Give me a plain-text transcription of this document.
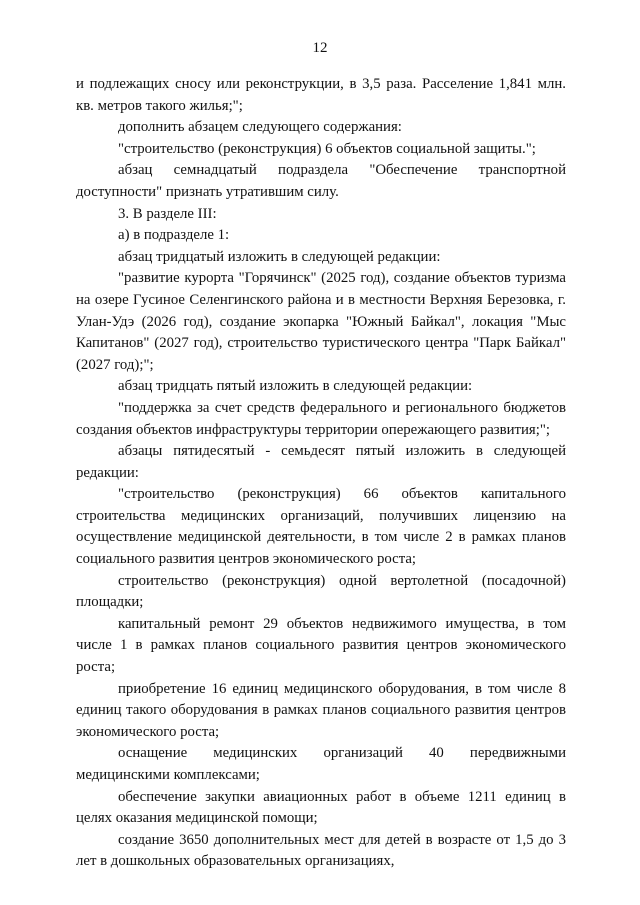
12

и подлежащих сносу или реконструкции, в 3,5 раза. Расселение 1,841 млн. кв. метров такого жилья;";

дополнить абзацем следующего содержания:

"строительство (реконструкция) 6 объектов социальной защиты.";

абзац семнадцатый подраздела "Обеспечение транспортной доступности" признать утратившим силу.

3. В разделе III:

а) в подразделе 1:

абзац тридцатый изложить в следующей редакции:

"развитие курорта "Горячинск" (2025 год), создание объектов туризма на озере Гусиное Селенгинского района и в местности Верхняя Березовка, г. Улан-Удэ (2026 год), создание экопарка "Южный Байкал", локация "Мыс Капитанов" (2027 год), строительство туристического центра "Парк Байкал" (2027 год);";

абзац тридцать пятый изложить в следующей редакции:

"поддержка за счет средств федерального и регионального бюджетов создания объектов инфраструктуры территории опережающего развития;";

абзацы пятидесятый - семьдесят пятый изложить в следующей редакции:

"строительство (реконструкция) 66 объектов капитального строительства медицинских организаций, получивших лицензию на осуществление медицинской деятельности, в том числе 2 в рамках планов социального развития центров экономического роста;

строительство (реконструкция) одной вертолетной (посадочной) площадки;

капитальный ремонт 29 объектов недвижимого имущества, в том числе 1 в рамках планов социального развития центров экономического роста;

приобретение 16 единиц медицинского оборудования, в том числе 8 единиц такого оборудования в рамках планов социального развития центров экономического роста;

оснащение медицинских организаций 40 передвижными медицинскими комплексами;

обеспечение закупки авиационных работ в объеме 1211 единиц в целях оказания медицинской помощи;

создание 3650 дополнительных мест для детей в возрасте от 1,5 до 3 лет в дошкольных образовательных организациях,
